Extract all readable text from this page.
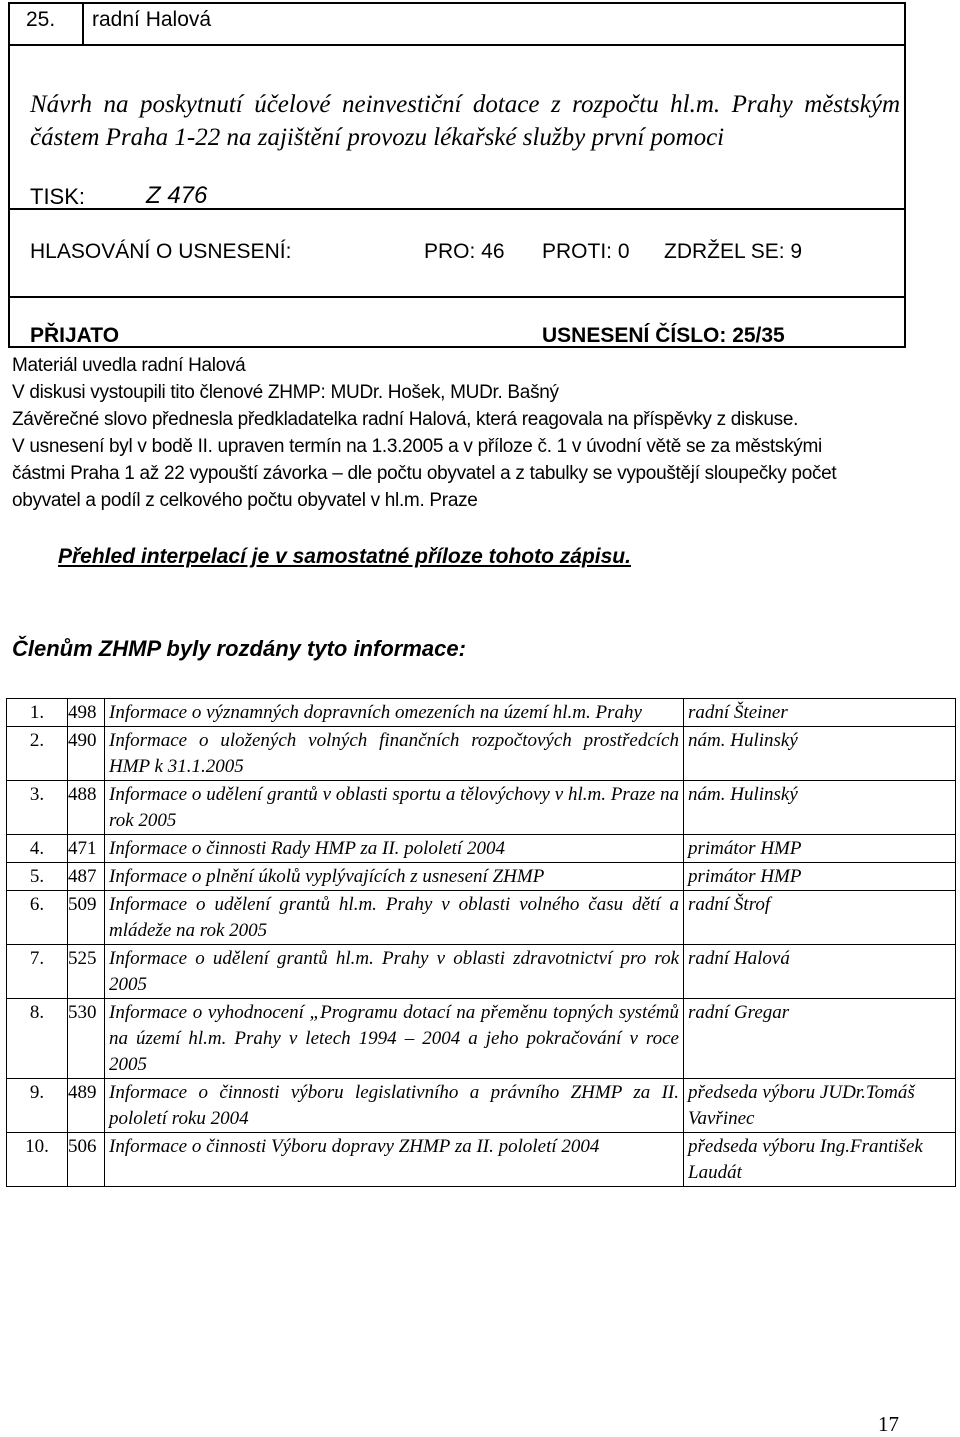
25. radní Halová
Návrh na poskytnutí účelové neinvestiční dotace z rozpočtu hl.m. Prahy městským částem Praha 1-22 na zajištění provozu lékařské služby první pomoci
TISK:	Z 476
HLASOVÁNÍ O USNESENÍ:	PRO: 46 PROTI: 0 ZDRŽEL SE: 9
PŘIJATO	USNESENÍ ČÍSLO: 25/35
Materiál uvedla radní Halová
V diskusi vystoupili tito členové ZHMP: MUDr. Hošek, MUDr. Bašný
Závěrečné slovo přednesla předkladatelka radní Halová, která reagovala na příspěvky z diskuse.
V usnesení byl v bodě II. upraven termín na 1.3.2005 a v příloze č. 1 v úvodní větě se za městskými
částmi Praha 1 až 22 vypouští závorka – dle počtu obyvatel a z tabulky se vypouštějí sloupečky počet
obyvatel a podíl z celkového počtu obyvatel v hl.m. Praze
Přehled interpelací je v samostatné příloze tohoto zápisu.
Členům ZHMP byly rozdány tyto informace:
1.	498	Informace o významných dopravních omezeních na území hl.m. Prahy	radní Šteiner
2.	490	Informace o uložených volných finančních rozpočtových prostředcích HMP k 31.1.2005	nám. Hulinský
3.	488	Informace o udělení grantů v oblasti sportu a tělovýchovy v hl.m. Praze na rok 2005	nám. Hulinský
4.	471	Informace o činnosti Rady HMP za II. pololetí 2004	primátor HMP
5.	487	Informace o plnění úkolů vyplývajících z usnesení ZHMP	primátor HMP
6.	509	Informace o udělení grantů hl.m. Prahy v oblasti volného času dětí a mládeže na rok 2005	radní Štrof
7.	525	Informace o udělení grantů hl.m. Prahy v oblasti zdravotnictví pro rok 2005	radní Halová
8.	530	Informace o vyhodnocení „Programu dotací na přeměnu topných systémů na území hl.m. Prahy v letech 1994 – 2004 a jeho pokračování v roce 2005	radní Gregar
9.	489	Informace o činnosti výboru legislativního a právního ZHMP za II. pololetí roku 2004	předseda výboru JUDr.Tomáš Vavřinec
10.	506	Informace o činnosti Výboru dopravy ZHMP za II. pololetí 2004	předseda výboru Ing.František Laudát
17
